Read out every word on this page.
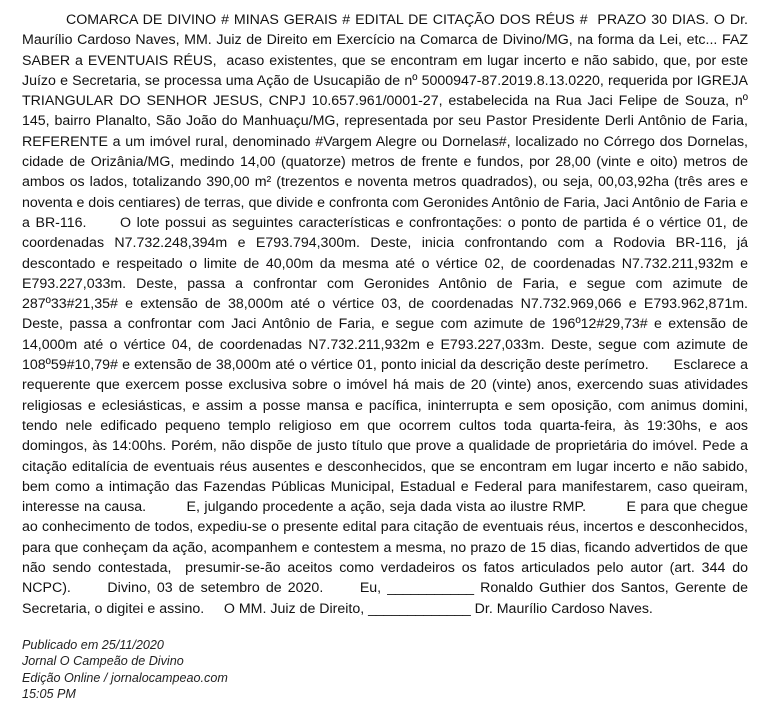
COMARCA DE DIVINO # MINAS GERAIS # EDITAL DE CITAÇÃO DOS RÉUS #  PRAZO 30 DIAS. O Dr. Maurílio Cardoso Naves, MM. Juiz de Direito em Exercício na Comarca de Divino/MG, na forma da Lei, etc... FAZ SABER a EVENTUAIS RÉUS,  acaso existentes, que se encontram em lugar incerto e não sabido, que, por este Juízo e Secretaria, se processa uma Ação de Usucapião de nº 5000947-87.2019.8.13.0220, requerida por IGREJA TRIANGULAR DO SENHOR JESUS, CNPJ 10.657.961/0001-27, estabelecida na Rua Jaci Felipe de Souza, nº 145, bairro Planalto, São João do Manhuaçu/MG, representada por seu Pastor Presidente Derli Antônio de Faria, REFERENTE a um imóvel rural, denominado #Vargem Alegre ou Dornelas#, localizado no Córrego dos Dornelas, cidade de Orizânia/MG, medindo 14,00 (quatorze) metros de frente e fundos, por 28,00 (vinte e oito) metros de ambos os lados, totalizando 390,00 m² (trezentos e noventa metros quadrados), ou seja, 00,03,92ha (três ares e noventa e dois centiares) de terras, que divide e confronta com Geronides Antônio de Faria, Jaci Antônio de Faria e a BR-116.      O lote possui as seguintes características e confrontações: o ponto de partida é o vértice 01, de coordenadas N7.732.248,394m e E793.794,300m. Deste, inicia confrontando com a Rodovia BR-116, já descontado e respeitado o limite de 40,00m da mesma até o vértice 02, de coordenadas N7.732.211,932m e E793.227,033m. Deste, passa a confrontar com Geronides Antônio de Faria, e segue com azimute de 287º33#21,35# e extensão de 38,000m até o vértice 03, de coordenadas N7.732.969,066 e E793.962,871m. Deste, passa a confrontar com Jaci Antônio de Faria, e segue com azimute de 196º12#29,73# e extensão de 14,000m até o vértice 04, de coordenadas N7.732.211,932m e E793.227,033m. Deste, segue com azimute de 108º59#10,79# e extensão de 38,000m até o vértice 01, ponto inicial da descrição deste perímetro.      Esclarece a requerente que exercem posse exclusiva sobre o imóvel há mais de 20 (vinte) anos, exercendo suas atividades religiosas e eclesiásticas, e assim a posse mansa e pacífica, ininterrupta e sem oposição, com animus domini, tendo nele edificado pequeno templo religioso em que ocorrem cultos toda quarta-feira, às 19:30hs, e aos domingos, às 14:00hs. Porém, não dispõe de justo título que prove a qualidade de proprietária do imóvel. Pede a citação editalícia de eventuais réus ausentes e desconhecidos, que se encontram em lugar incerto e não sabido, bem como a intimação das Fazendas Públicas Municipal, Estadual e Federal para manifestarem, caso queiram, interesse na causa.         E, julgando procedente a ação, seja dada vista ao ilustre RMP.         E para que chegue ao conhecimento de todos, expediu-se o presente edital para citação de eventuais réus, incertos e desconhecidos, para que conheçam da ação, acompanhem e contestem a mesma, no prazo de 15 dias, ficando advertidos de que não sendo contestada,  presumir-se-ão aceitos como verdadeiros os fatos articulados pelo autor (art. 344 do NCPC).      Divino, 03 de setembro de 2020.      Eu, ___________ Ronaldo Guthier dos Santos, Gerente de Secretaria, o digitei e assino.     O MM. Juiz de Direito, _____________ Dr. Maurílio Cardoso Naves.

Publicado em 25/11/2020
Jornal O Campeão de Divino
Edição Online / jornalocampeao.com
15:05 PM
